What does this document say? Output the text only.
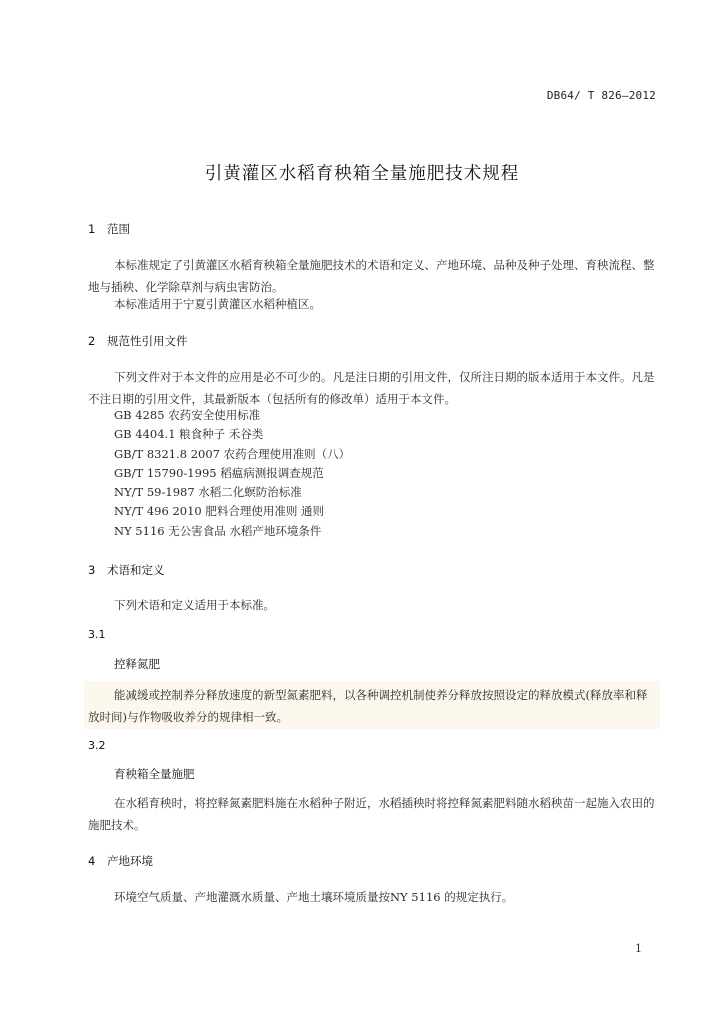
DB64/ T 826—2012
引黄灌区水稻育秧箱全量施肥技术规程
1 范围
本标准规定了引黄灌区水稻育秧箱全量施肥技术的术语和定义、产地环境、品种及种子处理、育秧流程、整地与插秧、化学除草剂与病虫害防治。
本标准适用于宁夏引黄灌区水稻种植区。
2 规范性引用文件
下列文件对于本文件的应用是必不可少的。凡是注日期的引用文件，仅所注日期的版本适用于本文件。凡是不注日期的引用文件，其最新版本（包括所有的修改单）适用于本文件。
GB 4285 农药安全使用标准
GB 4404.1 粮食种子 禾谷类
GB/T 8321.8 2007 农药合理使用准则（八）
GB/T 15790-1995 稻瘟病测报调查规范
NY/T 59-1987 水稻二化螟防治标准
NY/T 496 2010 肥料合理使用准则 通则
NY 5116 无公害食品 水稻产地环境条件
3 术语和定义
下列术语和定义适用于本标准。
3.1
控释氮肥
能减缓或控制养分释放速度的新型氮素肥料，以各种调控机制使养分释放按照设定的释放模式(释放率和释放时间)与作物吸收养分的规律相一致。
3.2
育秧箱全量施肥
在水稻育秧时，将控释氮素肥料施在水稻种子附近，水稻插秧时将控释氮素肥料随水稻秧苗一起施入农田的施肥技术。
4 产地环境
环境空气质量、产地灌溉水质量、产地土壤环境质量按NY 5116 的规定执行。
1
